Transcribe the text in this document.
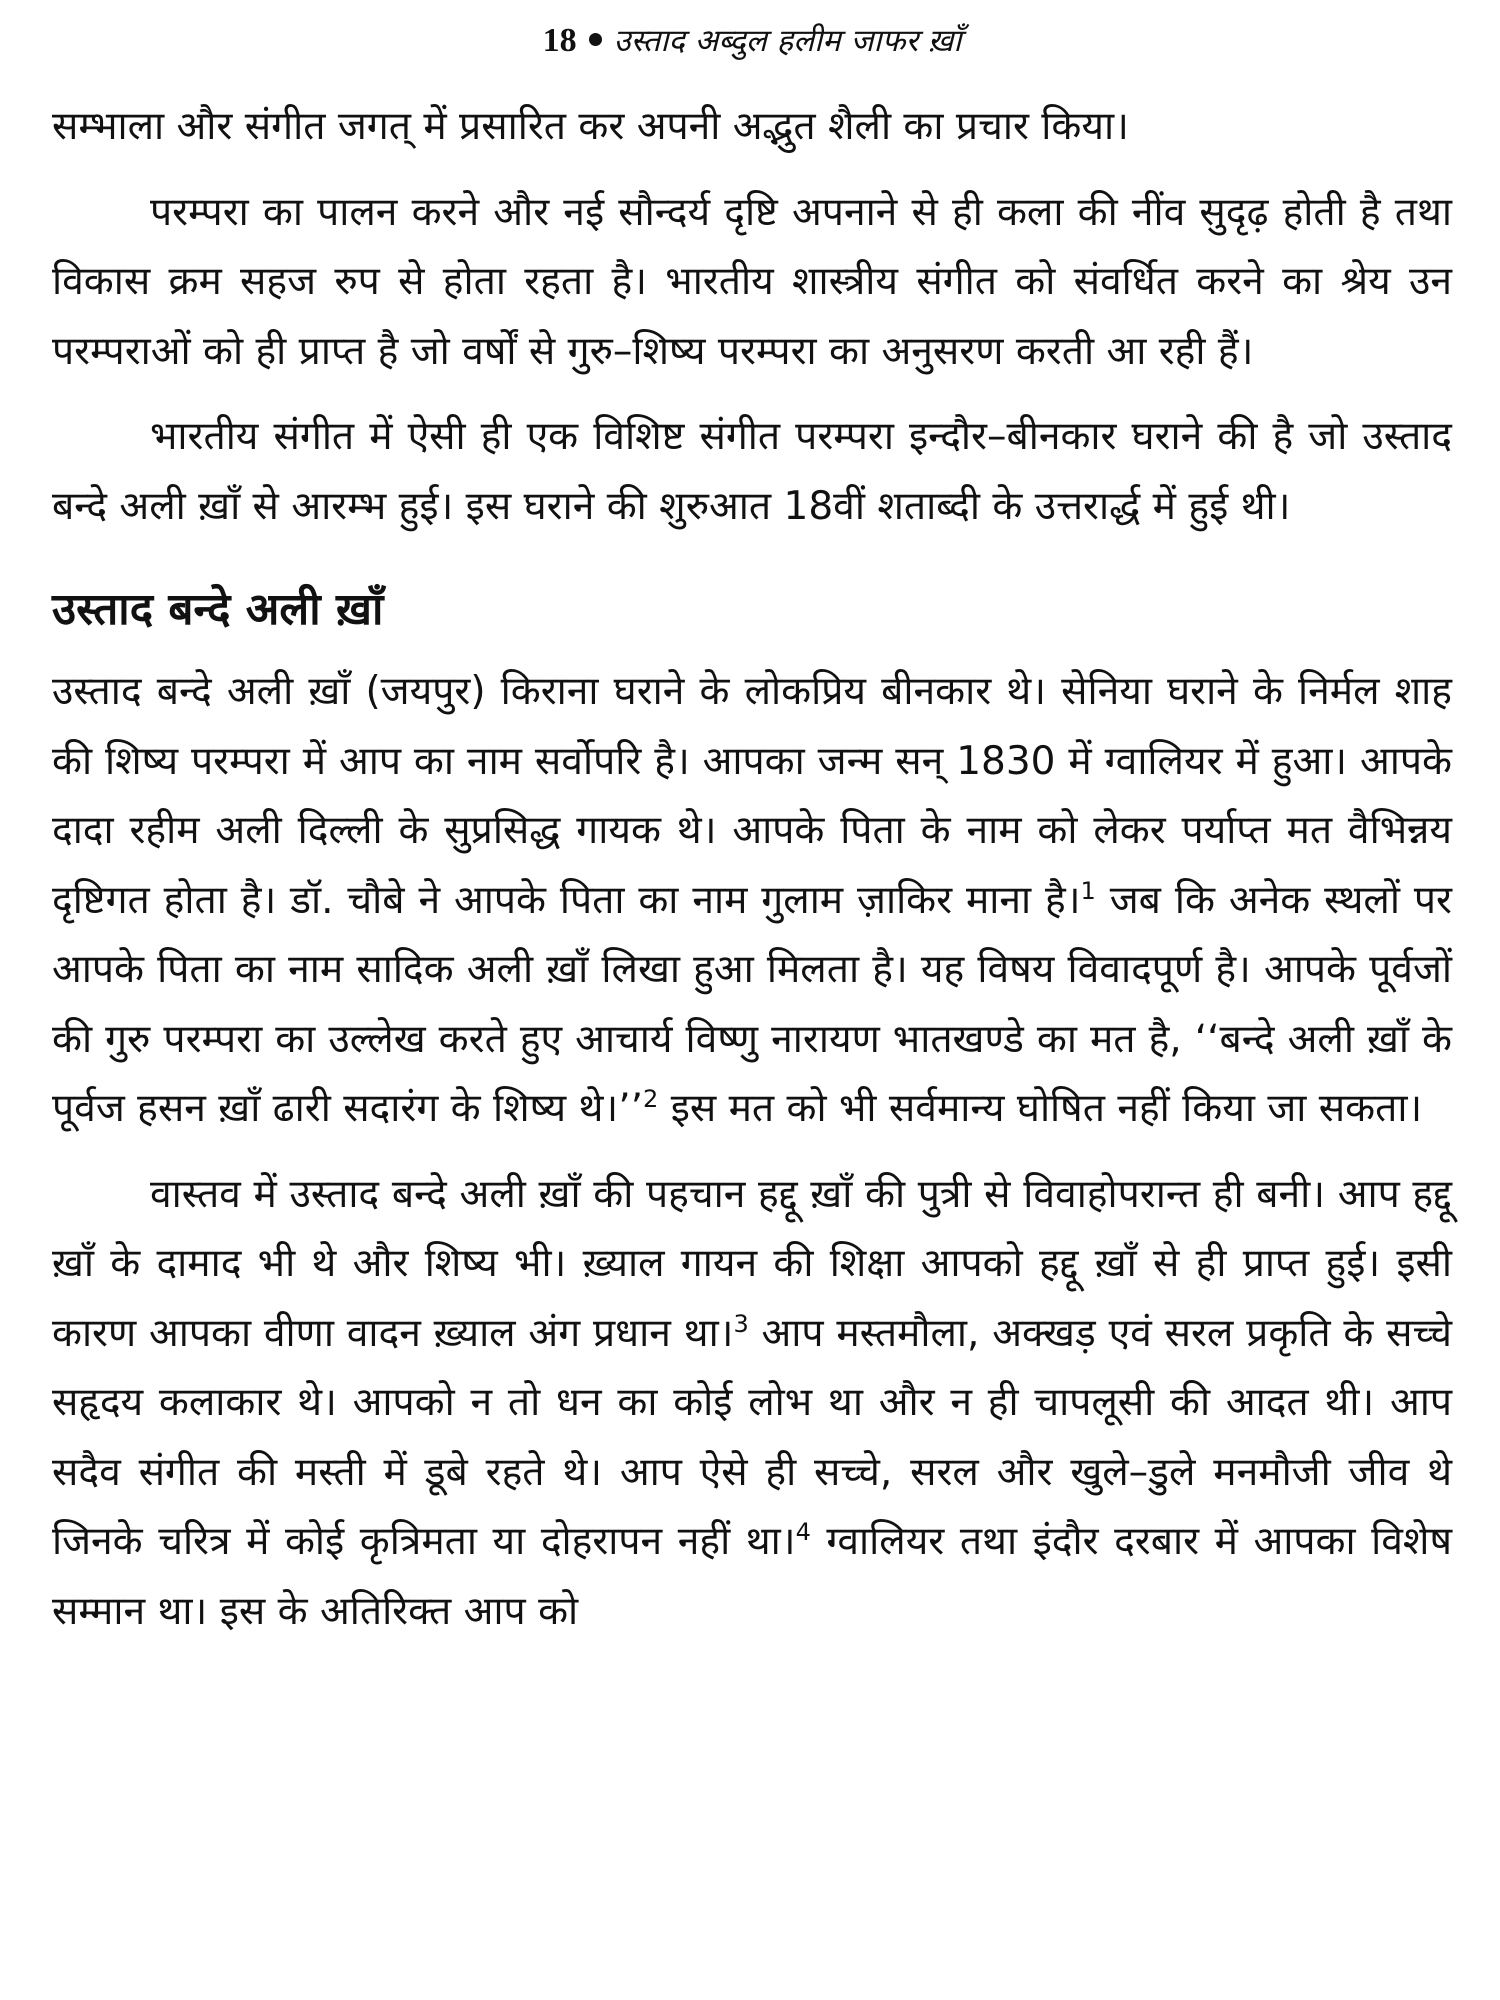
18 उस्ताद अब्दुल हलीम जाफर ख़ाँ

सम्भाला और संगीत जगत् में प्रसारित कर अपनी अद्भुत शैली का प्रचार किया।

परम्परा का पालन करने और नई सौन्दर्य दृष्टि अपनाने से ही कला की नींव सुदृढ़ होती है तथा विकास क्रम सहज रुप से होता रहता है। भारतीय शास्त्रीय संगीत को संवर्धित करने का श्रेय उन परम्पराओं को ही प्राप्त है जो वर्षों से गुरु–शिष्य परम्परा का अनुसरण करती आ रही हैं।

भारतीय संगीत में ऐसी ही एक विशिष्ट संगीत परम्परा इन्दौर–बीनकार घराने की है जो उस्ताद बन्दे अली ख़ाँ से आरम्भ हुई। इस घराने की शुरुआत 18वीं शताब्दी के उत्तरार्द्ध में हुई थी।

उस्ताद बन्दे अली ख़ाँ

उस्ताद बन्दे अली ख़ाँ (जयपुर) किराना घराने के लोकप्रिय बीनकार थे। सेनिया घराने के निर्मल शाह की शिष्य परम्परा में आप का नाम सर्वोपरि है। आपका जन्म सन् 1830 में ग्वालियर में हुआ। आपके दादा रहीम अली दिल्ली के सुप्रसिद्ध गायक थे। आपके पिता के नाम को लेकर पर्याप्त मत वैभिन्नय दृष्टिगत होता है। डॉ. चौबे ने आपके पिता का नाम गुलाम ज़ाकिर माना है।$^1$ जब कि अनेक स्थलों पर आपके पिता का नाम सादिक अली ख़ाँ लिखा हुआ मिलता है। यह विषय विवादपूर्ण है। आपके पूर्वजों की गुरु परम्परा का उल्लेख करते हुए आचार्य विष्णु नारायण भातखण्डे का मत है, ‘‘बन्दे अली ख़ाँ के पूर्वज हसन ख़ाँ ढारी सदारंग के शिष्य थे।’’$^2$ इस मत को भी सर्वमान्य घोषित नहीं किया जा सकता।

वास्तव में उस्ताद बन्दे अली ख़ाँ की पहचान हद्दू ख़ाँ की पुत्री से विवाहोपरान्त ही बनी। आप हद्दू ख़ाँ के दामाद भी थे और शिष्य भी। ख़्याल गायन की शिक्षा आपको हद्दू ख़ाँ से ही प्राप्त हुई। इसी कारण आपका वीणा वादन ख़्याल अंग प्रधान था।$^3$ आप मस्तमौला, अक्खड़ एवं सरल प्रकृति के सच्चे सहृदय कलाकार थे। आपको न तो धन का कोई लोभ था और न ही चापलूसी की आदत थी। आप सदैव संगीत की मस्ती में डूबे रहते थे। आप ऐसे ही सच्चे, सरल और खुले–डुले मनमौजी जीव थे जिनके चरित्र में कोई कृत्रिमता या दोहरापन नहीं था।$^4$ ग्वालियर तथा इंदौर दरबार में आपका विशेष सम्मान था। इस के अतिरिक्त आप को
